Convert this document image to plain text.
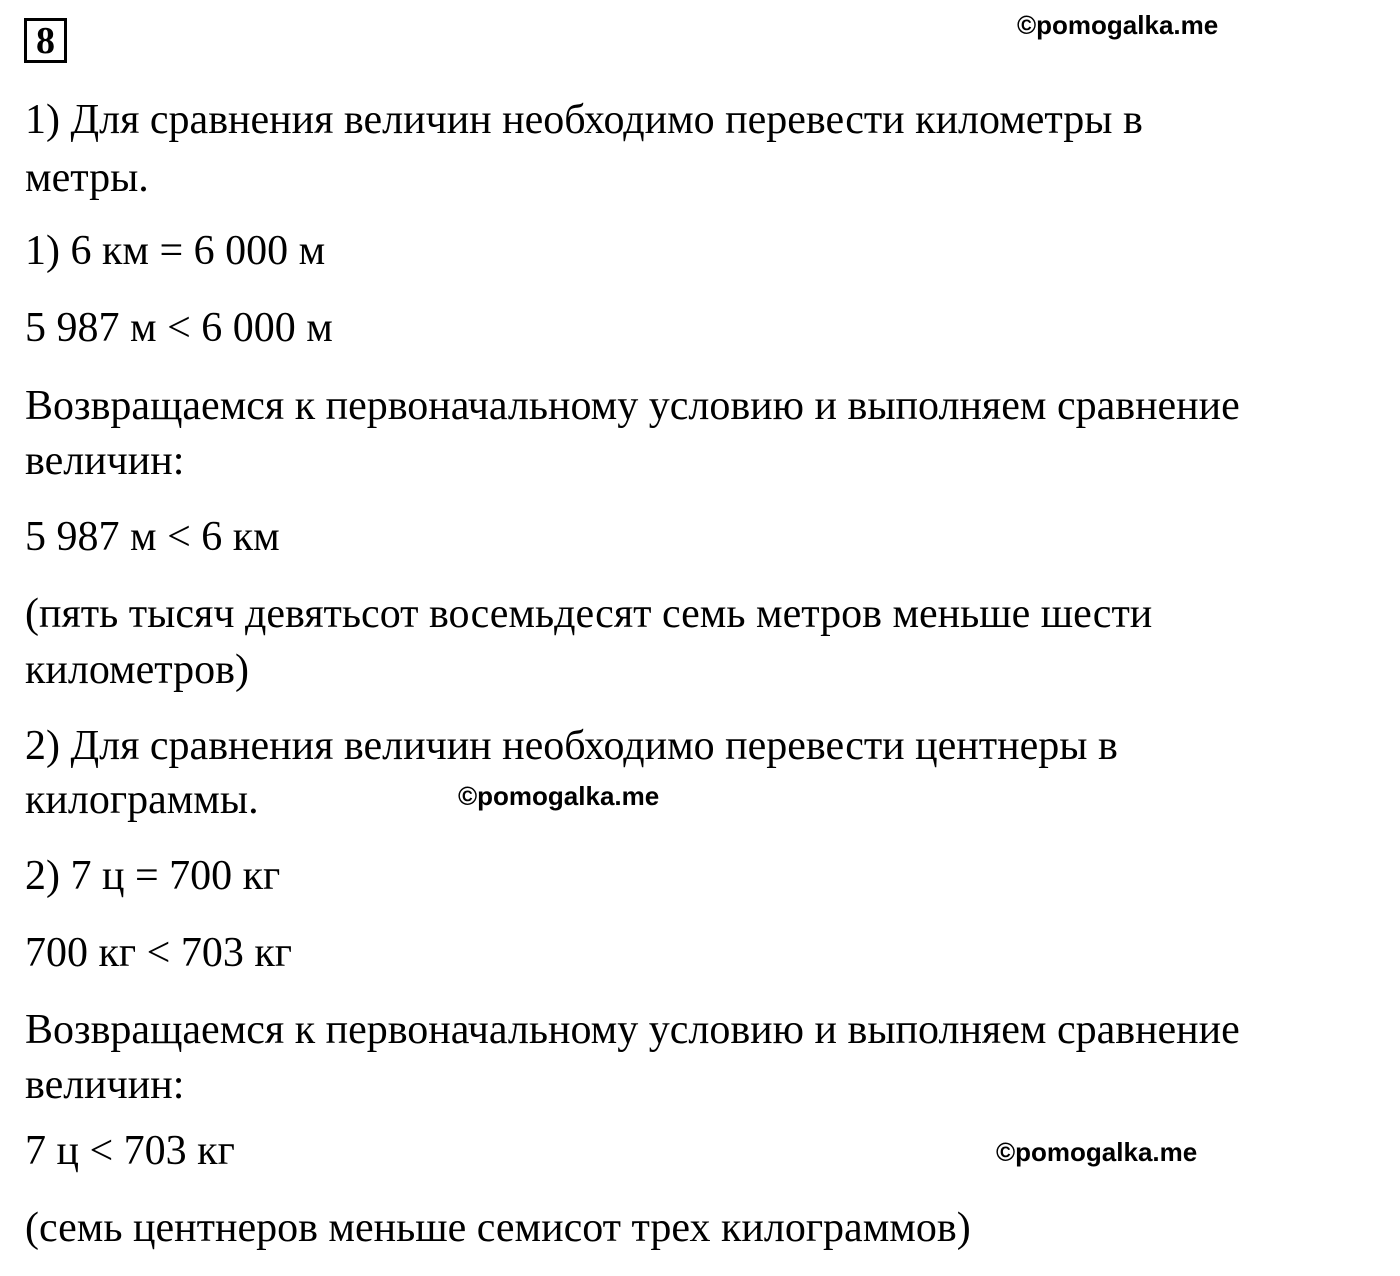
8	©pomogalka.me
©pomogalka.me
©pomogalka.me
1) Для сравнения величин необходимо перевести километры в
метры.
1) 6 км = 6 000 м
5 987 м < 6 000 м
Возвращаемся к первоначальному условию и выполняем сравнение
величин:
5 987 м < 6 км
(пять тысяч девятьсот восемьдесят семь метров меньше шести
километров)
2) Для сравнения величин необходимо перевести центнеры в
килограммы.
2) 7 ц = 700 кг
700 кг < 703 кг
Возвращаемся к первоначальному условию и выполняем сравнение
величин:
7 ц < 703 кг
(семь центнеров меньше семисот трех килограммов)
